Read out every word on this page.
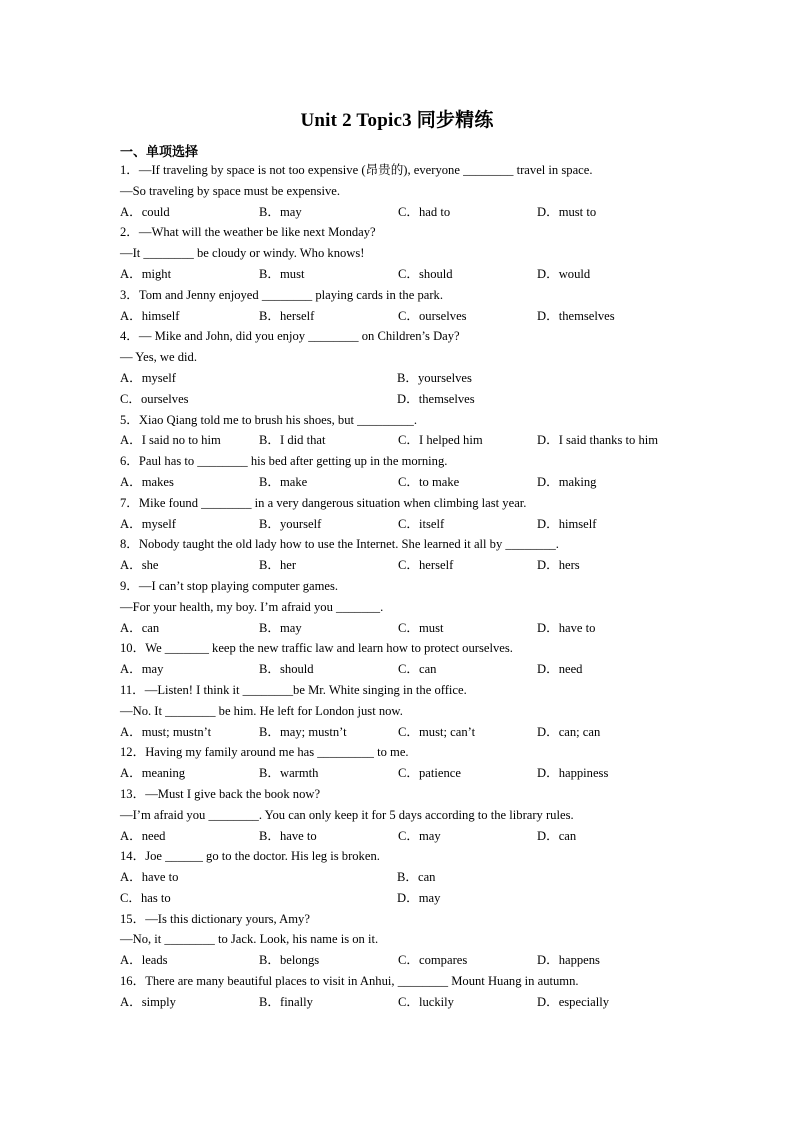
Unit 2 Topic3 同步精练
一、单项选择
1．—If traveling by space is not too expensive (昂贵的), everyone ________ travel in space.
—So traveling by space must be expensive.
A．could	B．may	C．had to	D．must to
2．—What will the weather be like next Monday?
—It ________ be cloudy or windy. Who knows!
A．might	B．must	C．should	D．would
3．Tom and Jenny enjoyed ________ playing cards in the park.
A．himself	B．herself	C．ourselves	D．themselves
4．— Mike and John, did you enjoy ________ on Children’s Day?
— Yes, we did.
A．myself	B．yourselves
C．ourselves	D．themselves
5．Xiao Qiang told me to brush his shoes, but _________.
A．I said no to him	B．I did that	C．I helped him	D．I said thanks to him
6．Paul has to ________ his bed after getting up in the morning.
A．makes	B．make	C．to make	D．making
7．Mike found ________ in a very dangerous situation when climbing last year.
A．myself	B．yourself	C．itself	D．himself
8．Nobody taught the old lady how to use the Internet. She learned it all by ________.
A．she	B．her	C．herself	D．hers
9．—I can’t stop playing computer games.
—For your health, my boy. I’m afraid you _______.
A．can	B．may	C．must	D．have to
10．We _______ keep the new traffic law and learn how to protect ourselves.
A．may	B．should	C．can	D．need
11．—Listen! I think it ________be Mr. White singing in the office.
—No. It ________ be him. He left for London just now.
A．must; mustn’t	B．may; mustn’t	C．must; can’t	D．can; can
12．Having my family around me has _________ to me.
A．meaning	B．warmth	C．patience	D．happiness
13．—Must I give back the book now?
—I’m afraid you ________. You can only keep it for 5 days according to the library rules.
A．need	B．have to	C．may	D．can
14．Joe ______ go to the doctor. His leg is broken.
A．have to	B．can
C．has to	D．may
15．—Is this dictionary yours, Amy?
—No, it ________ to Jack. Look, his name is on it.
A．leads	B．belongs	C．compares	D．happens
16．There are many beautiful places to visit in Anhui, ________ Mount Huang in autumn.
A．simply	B．finally	C．luckily	D．especially
